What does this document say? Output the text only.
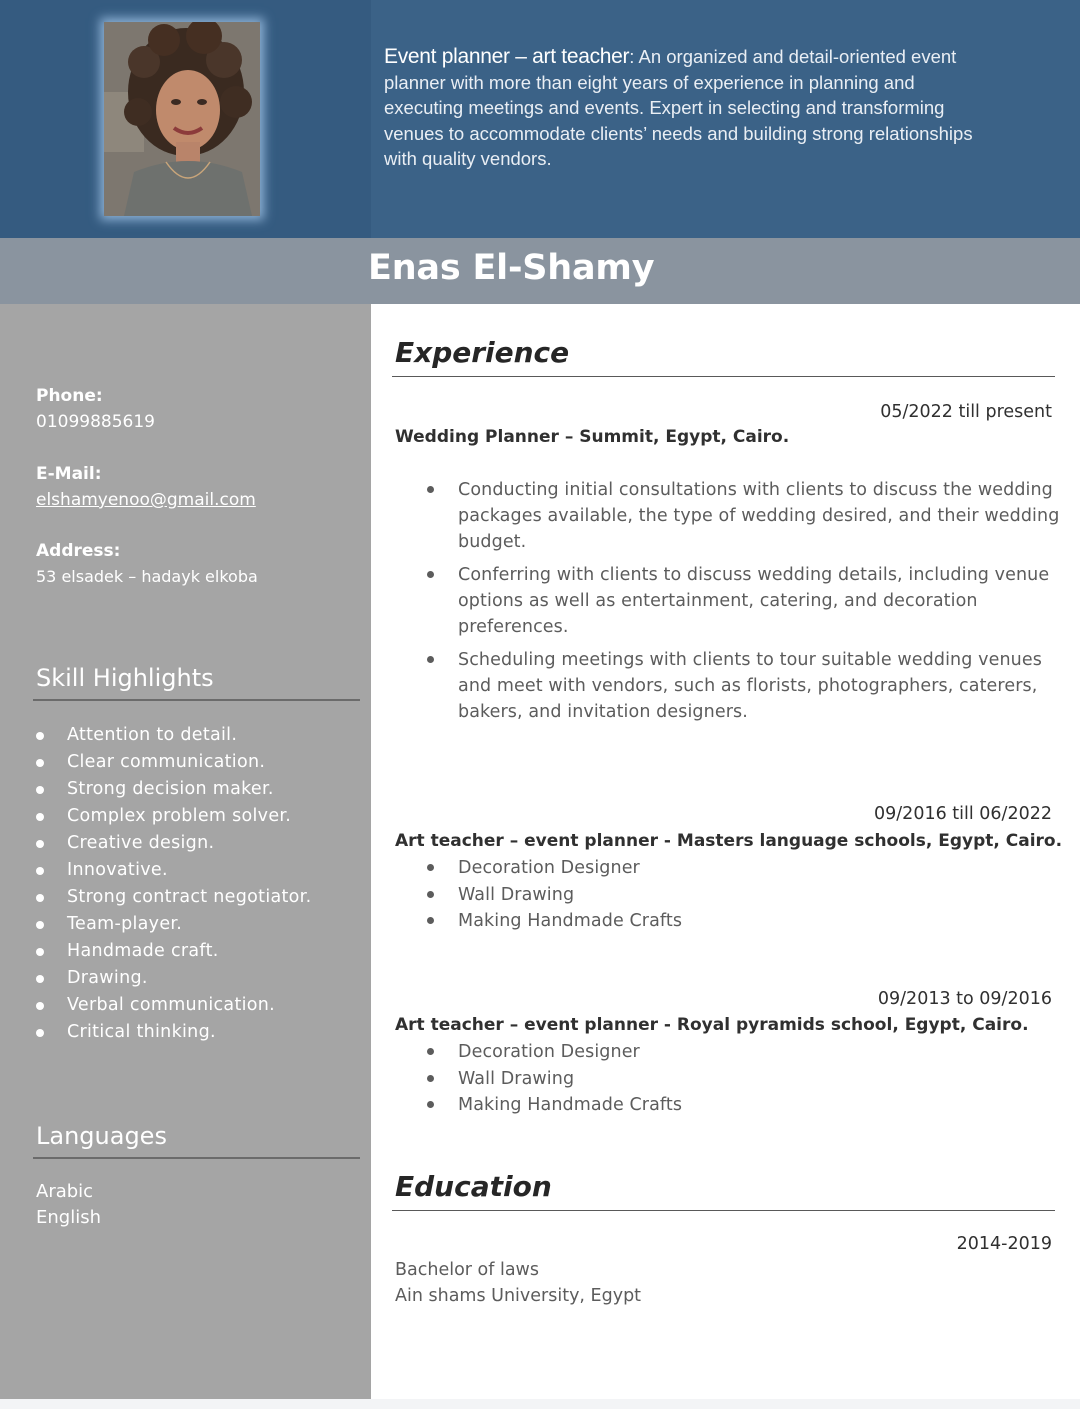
Event planner – art teacher: An organized and detail-oriented event planner with more than eight years of experience in planning and executing meetings and events. Expert in selecting and transforming venues to accommodate clients’ needs and building strong relationships with quality vendors.
Enas El-Shamy
Phone:
01099885619
E-Mail:
elshamyenoo@gmail.com
Address:
53 elsadek – hadayk elkoba
Skill Highlights
Attention to detail.
Clear communication.
Strong decision maker.
Complex problem solver.
Creative design.
Innovative.
Strong contract negotiator.
Team-player.
Handmade craft.
Drawing.
Verbal communication.
Critical thinking.
Languages
Arabic
English
Experience
05/2022 till present
Wedding Planner – Summit, Egypt, Cairo.
Conducting initial consultations with clients to discuss the wedding packages available, the type of wedding desired, and their wedding budget.
Conferring with clients to discuss wedding details, including venue options as well as entertainment, catering, and decoration preferences.
Scheduling meetings with clients to tour suitable wedding venues and meet with vendors, such as florists, photographers, caterers, bakers, and invitation designers.
09/2016 till 06/2022
Art teacher – event planner - Masters language schools, Egypt, Cairo.
Decoration Designer
Wall Drawing
Making Handmade Crafts
09/2013 to 09/2016
Art teacher – event planner - Royal pyramids school, Egypt, Cairo.
Decoration Designer
Wall Drawing
Making Handmade Crafts
Education
2014-2019
Bachelor of laws
Ain shams University, Egypt
